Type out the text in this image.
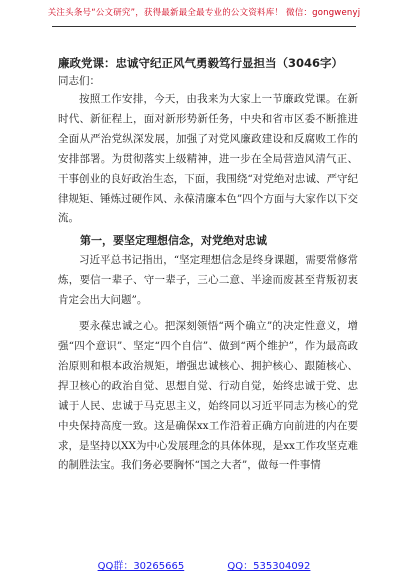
关注头条号“公文研究”，获得最新最全最专业的公文资料库！ 微信：gongwenyj

廉政党课：忠诚守纪正风气勇毅笃行显担当（3046字）

同志们：

按照工作安排，今天，由我来为大家上一节廉政党课。在新时代、新征程上，面对新形势新任务，中央和省市区委不断推进全面从严治党纵深发展，加强了对党风廉政建设和反腐败工作的安排部署。为贯彻落实上级精神，进一步在全局营造风清气正、干事创业的良好政治生态，下面，我围绕“对党绝对忠诚、严守纪律规矩、锤炼过硬作风、永葆清廉本色”四个方面与大家作以下交流。

第一，要坚定理想信念，对党绝对忠诚

习近平总书记指出，“坚定理想信念是终身课题，需要常修常炼，要信一辈子、守一辈子，三心二意、半途而废甚至背叛初衷肯定会出大问题”。

要永葆忠诚之心。把深刻领悟“两个确立”的决定性意义，增强“四个意识”、坚定“四个自信”、做到“两个维护”，作为最高政治原则和根本政治规矩，增强忠诚核心、拥护核心、跟随核心、捍卫核心的政治自觉、思想自觉、行动自觉，始终忠诚于党、忠诚于人民、忠诚于马克思主义，始终同以习近平同志为核心的党中央保持高度一致。这是确保xx工作沿着正确方向前进的内在要求，是坚持以XX为中心发展理念的具体体现，是xx工作攻坚克难的制胜法宝。我们务必要胸怀“国之大者”，做每一件事情

QQ群：30265665	QQ：535304092
